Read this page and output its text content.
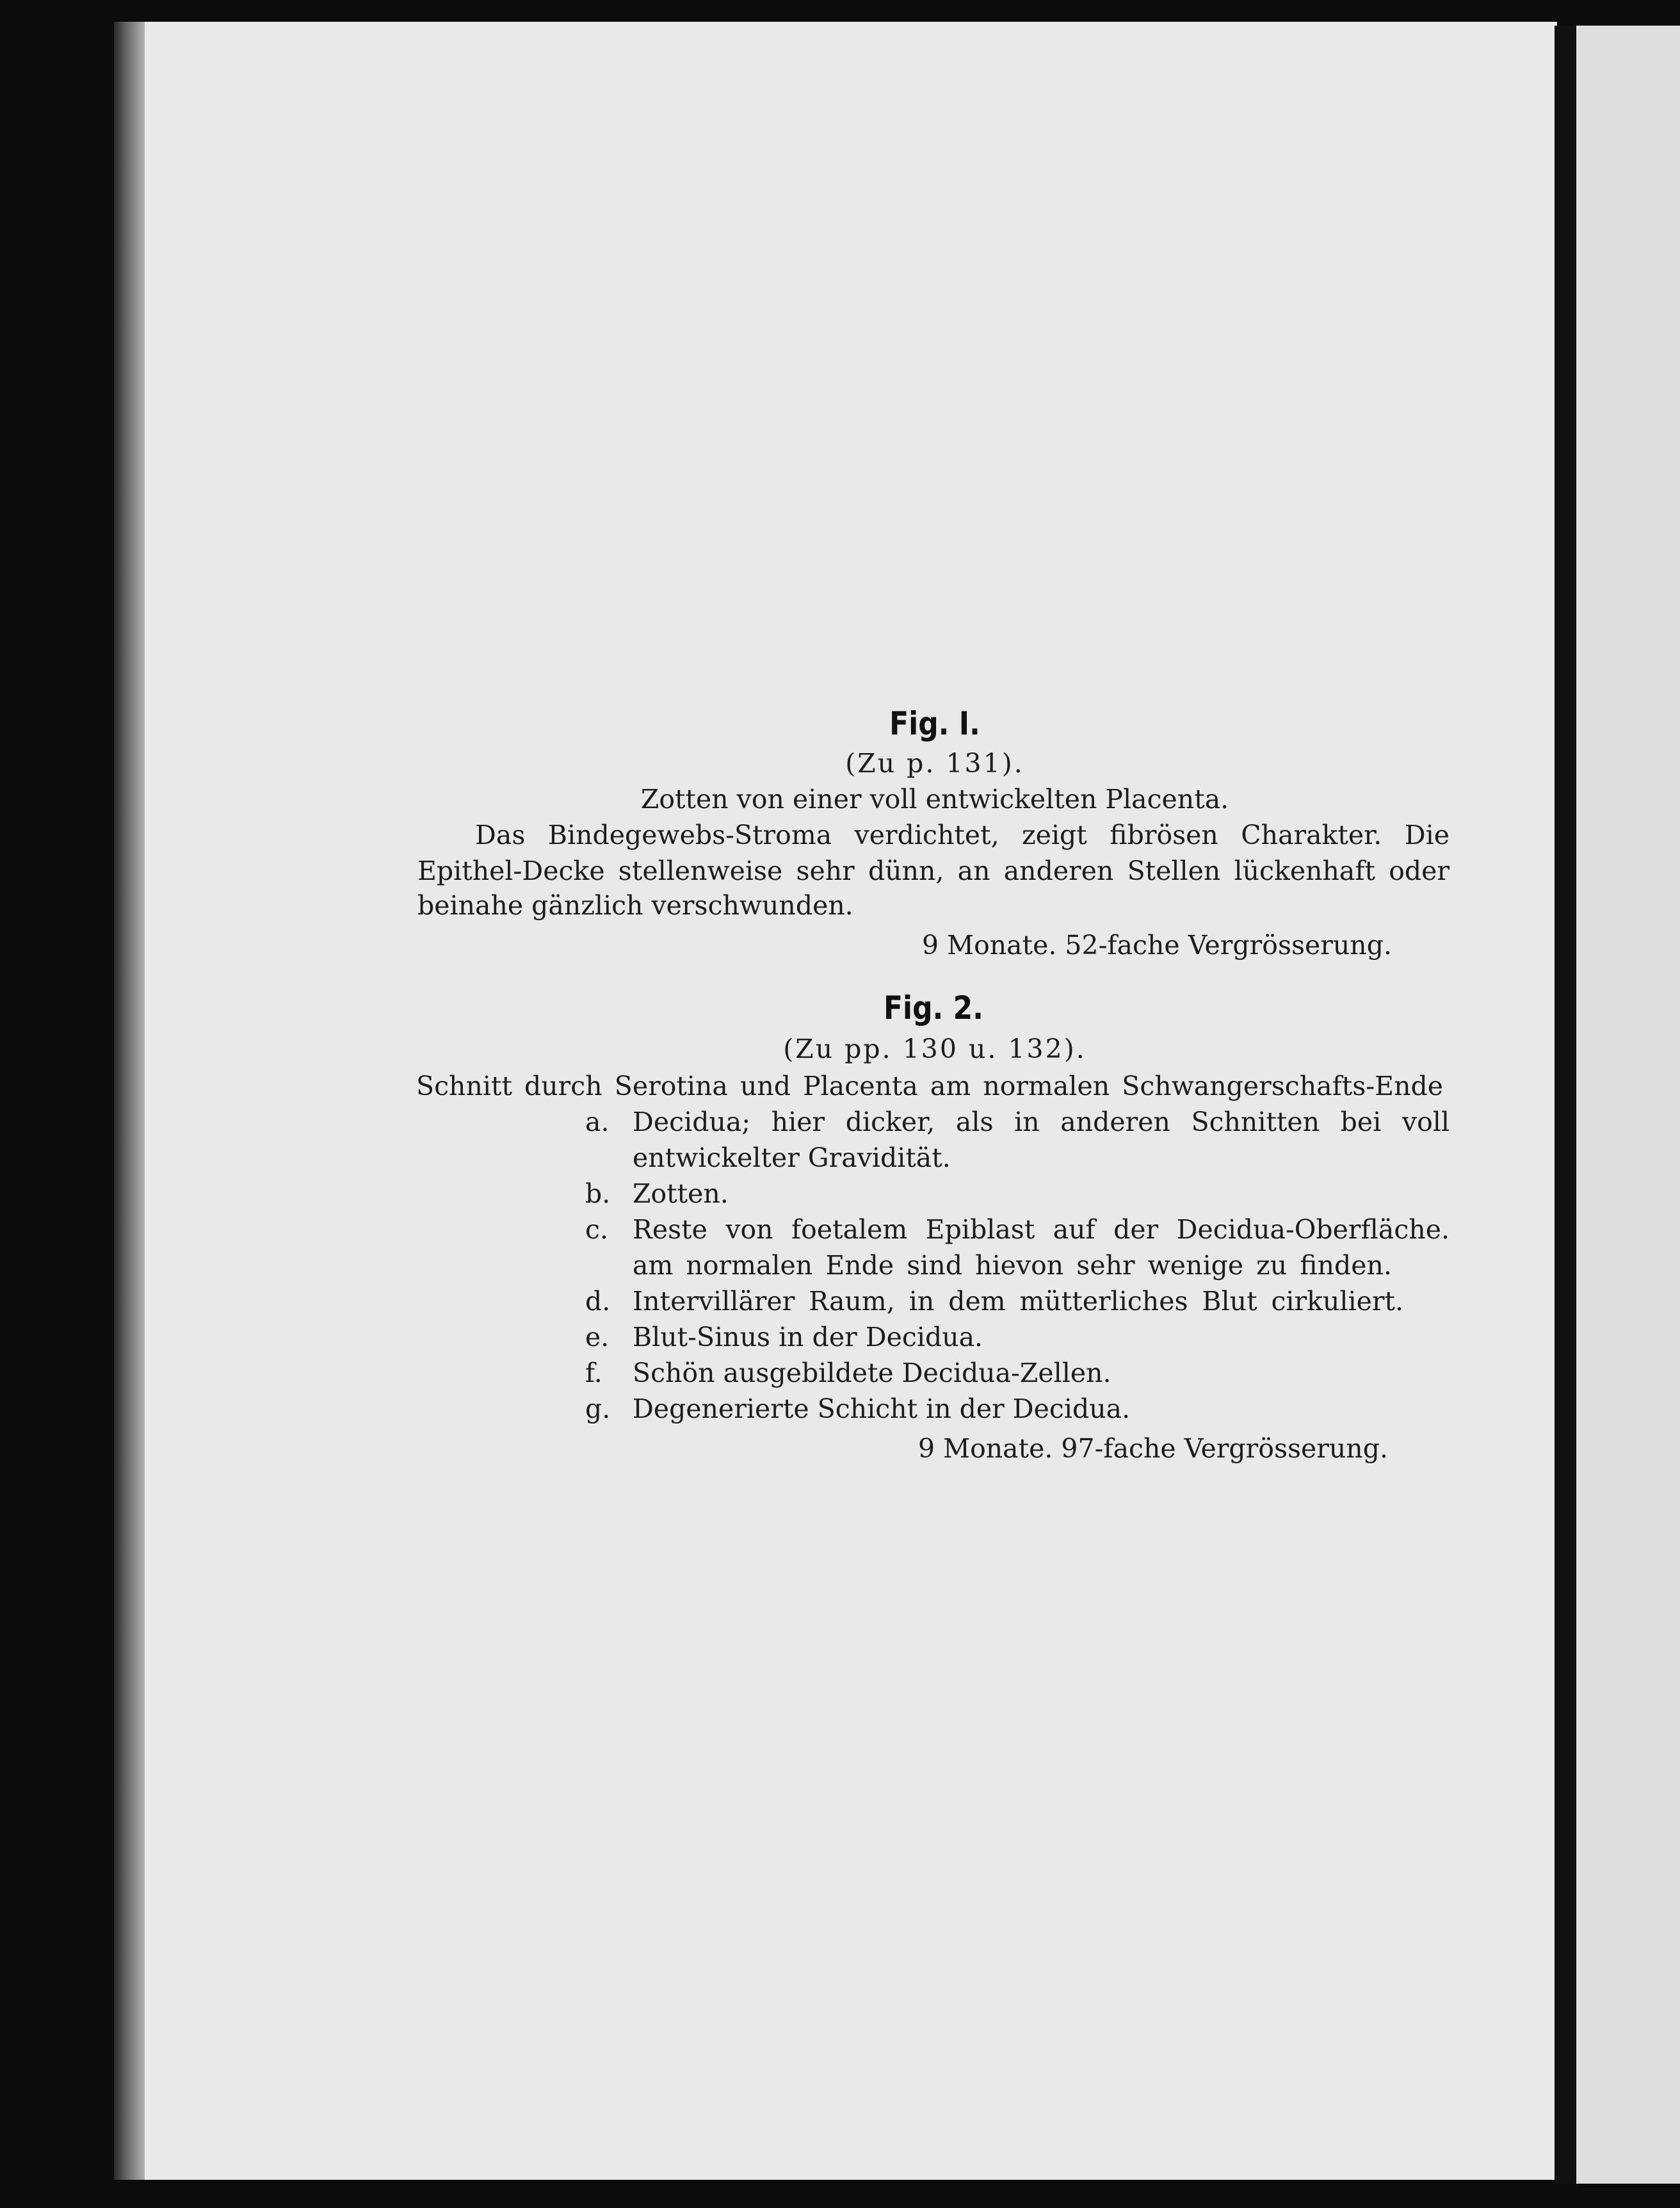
Fig. I.

(Zu p. 131).

Zotten von einer voll entwickelten Placenta.

Das Bindegewebs-Stroma verdichtet, zeigt fibrösen Charakter. Die

Epithel-Decke stellenweise sehr dünn, an anderen Stellen lückenhaft oder

beinahe gänzlich verschwunden.

9 Monate. 52-fache Vergrösserung.

Fig. 2.

(Zu pp. 130 u. 132).

Schnitt durch Serotina und Placenta am normalen Schwangerschafts-Ende

a. Decidua; hier dicker, als in anderen Schnitten bei voll

entwickelter Gravidität.

b. Zotten.

c. Reste von foetalem Epiblast auf der Decidua-Oberfläche.

am normalen Ende sind hievon sehr wenige zu finden.

d. Intervillärer Raum, in dem mütterliches Blut cirkuliert.

e. Blut-Sinus in der Decidua.

f. Schön ausgebildete Decidua-Zellen.

g. Degenerierte Schicht in der Decidua.

9 Monate. 97-fache Vergrösserung.
